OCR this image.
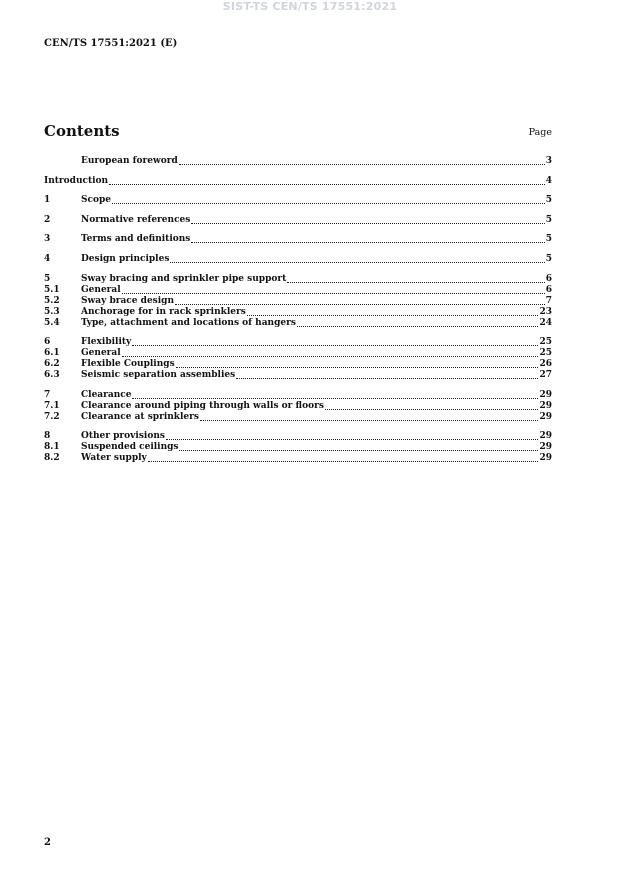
SIST-TS CEN/TS 17551:2021
CEN/TS 17551:2021 (E)
Contents	Page
European foreword	3
Introduction	4
1	Scope	5
2	Normative references	5
3	Terms and definitions	5
4	Design principles	5
5	Sway bracing and sprinkler pipe support	6
5.1	General	6
5.2	Sway brace design	7
5.3	Anchorage for in rack sprinklers	23
5.4	Type, attachment and locations of hangers	24
6	Flexibility	25
6.1	General	25
6.2	Flexible Couplings	26
6.3	Seismic separation assemblies	27
7	Clearance	29
7.1	Clearance around piping through walls or floors	29
7.2	Clearance at sprinklers	29
8	Other provisions	29
8.1	Suspended ceilings	29
8.2	Water supply	29
2
